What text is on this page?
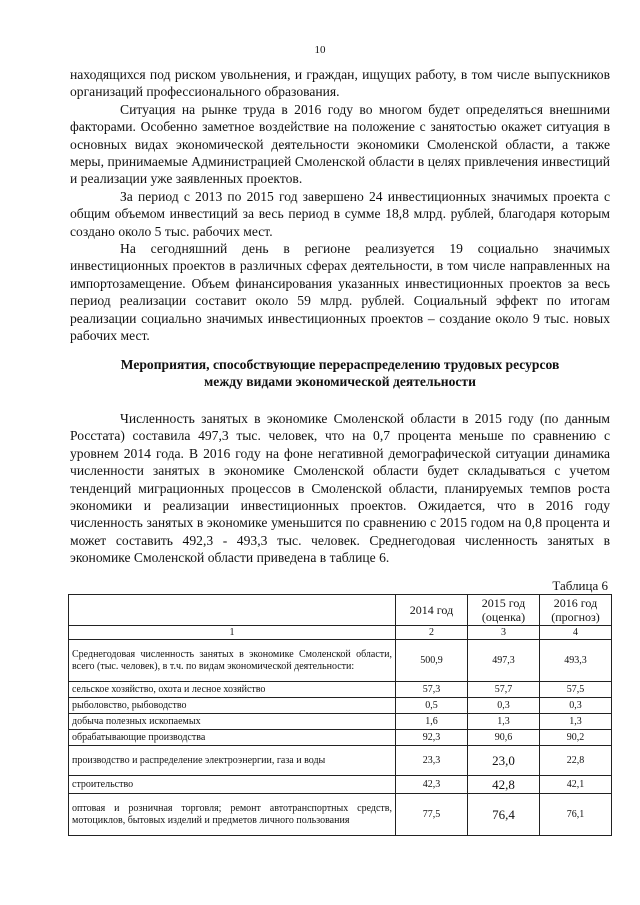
10

находящихся под риском увольнения, и граждан, ищущих работу, в том числе выпускников организаций профессионального образования.

Ситуация на рынке труда в 2016 году во многом будет определяться внешними факторами. Особенно заметное воздействие на положение с занятостью окажет ситуация в основных видах экономической деятельности экономики Смоленской области, а также меры, принимаемые Администрацией Смоленской области в целях привлечения инвестиций и реализации уже заявленных проектов.

За период с 2013 по 2015 год завершено 24 инвестиционных значимых проекта с общим объемом инвестиций за весь период в сумме 18,8 млрд. рублей, благодаря которым создано около 5 тыс. рабочих мест.

На сегодняшний день в регионе реализуется 19 социально значимых инвестиционных проектов в различных сферах деятельности, в том числе направленных на импортозамещение. Объем финансирования указанных инвестиционных проектов за весь период реализации составит около 59 млрд. рублей. Социальный эффект по итогам реализации социально значимых инвестиционных проектов – создание около 9 тыс. новых рабочих мест.

Мероприятия, способствующие перераспределению трудовых ресурсов
между видами экономической деятельности

Численность занятых в экономике Смоленской области в 2015 году (по данным Росстата) составила 497,3 тыс. человек, что на 0,7 процента меньше по сравнению с уровнем 2014 года. В 2016 году на фоне негативной демографической ситуации динамика численности занятых в экономике Смоленской области будет складываться с учетом тенденций миграционных процессов в Смоленской области, планируемых темпов роста экономики и реализации инвестиционных проектов. Ожидается, что в 2016 году численность занятых в экономике уменьшится по сравнению с 2015 годом на 0,8 процента и может составить 492,3 - 493,3 тыс. человек. Среднегодовая численность занятых в экономике Смоленской области приведена в таблице 6.

Таблица 6
	2014 год	2015 год (оценка)	2016 год (прогноз)
1	2	3	4
Среднегодовая численность занятых в экономике Смоленской области, всего (тыс. человек), в т.ч. по видам экономической деятельности:	500,9	497,3	493,3
сельское хозяйство, охота и лесное хозяйство	57,3	57,7	57,5
рыболовство, рыбоводство	0,5	0,3	0,3
добыча полезных ископаемых	1,6	1,3	1,3
обрабатывающие производства	92,3	90,6	90,2
производство и распределение электроэнергии, газа и воды	23,3	23,0	22,8
строительство	42,3	42,8	42,1
оптовая и розничная торговля; ремонт автотранспортных средств, мотоциклов, бытовых изделий и предметов личного пользования	77,5	76,4	76,1
